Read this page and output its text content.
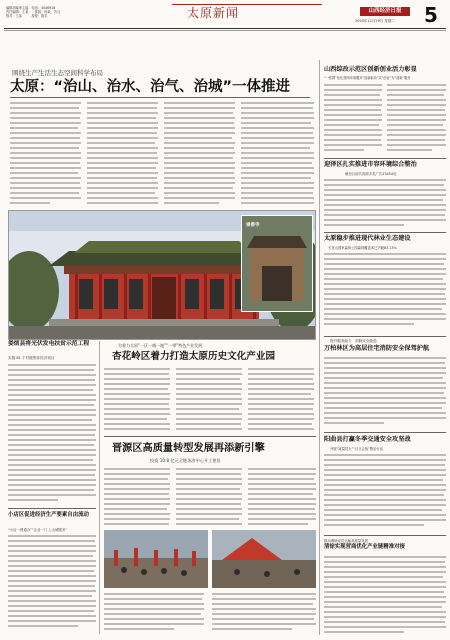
编辑部编审主编　电话：4046918
责任编辑：王某　　排版：杨某、苏凡
校对：王某　　　检校：陈乐	太原新闻	山西经济日报
2020年12月29日 星期二 5
围绕生产生活生态空间科学布局
太原：“治山、治水、治气、治城”一体推进
崇善寺
娄烦县将光伏发电扶贫示范工程
实施 81 个村级集体经济项目
小店区促进经济生产要素自由流动
“小店一网通办”“企业一门 上山城服务”
为着力太原“一区一城一地”“一带”特色产业发展
杏花岭区着力打造太原历史文化产业园
晋源区高质量转型发展再添新引擎
投资 10.8 亿元全链条涉中心开工建设
山西综改示范区创新创业活力彰显
“一张网”优化营商环境服务“创新驱动”以“创业”为“创新”服务
迎泽区扎实推进市容环境综合整治
截至目前共拆除多类广告25454处
太原稳步推进现代林业生态建设
天龙山国家森林公园森林覆盖率已突破63.13%
提升服务能力　消除安全隐患
万柏林区为高层住宅消防安全保驾护航
阳曲县打赢冬季交通安全攻坚战
开展“减量控大”“百日会战”整治行动
推动调研成员运输高质量发展
清徐实现营商优化产业链精准对接
